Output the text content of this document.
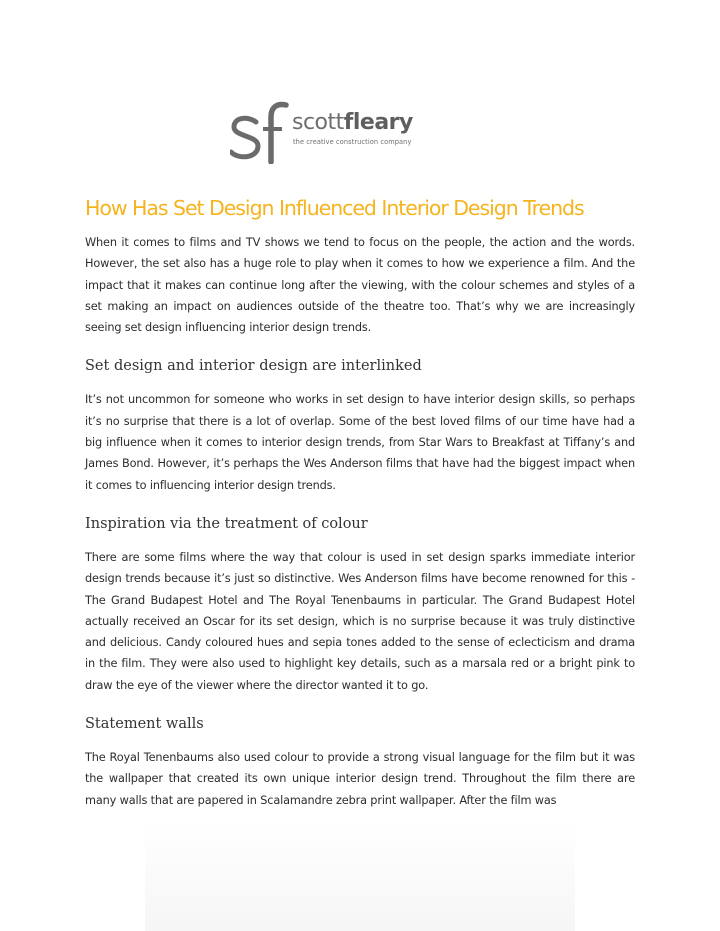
scottfleary
the creative construction company
How Has Set Design Influenced Interior Design Trends

When it comes to films and TV shows we tend to focus on the people, the action and the words. However, the set also has a huge role to play when it comes to how we experience a film. And the impact that it makes can continue long after the viewing, with the colour schemes and styles of a set making an impact on audiences outside of the theatre too. That’s why we are increasingly seeing set design influencing interior design trends.

Set design and interior design are interlinked

It’s not uncommon for someone who works in set design to have interior design skills, so perhaps it’s no surprise that there is a lot of overlap. Some of the best loved films of our time have had a big influence when it comes to interior design trends, from Star Wars to Breakfast at Tiffany’s and James Bond. However, it’s perhaps the Wes Anderson films that have had the biggest impact when it comes to influencing interior design trends.

Inspiration via the treatment of colour

There are some films where the way that colour is used in set design sparks immediate interior design trends because it’s just so distinctive. Wes Anderson films have become renowned for this - The Grand Budapest Hotel and The Royal Tenenbaums in particular. The Grand Budapest Hotel actually received an Oscar for its set design, which is no surprise because it was truly distinctive and delicious. Candy coloured hues and sepia tones added to the sense of eclecticism and drama in the film. They were also used to highlight key details, such as a marsala red or a bright pink to draw the eye of the viewer where the director wanted it to go.

Statement walls

The Royal Tenenbaums also used colour to provide a strong visual language for the film but it was the wallpaper that created its own unique interior design trend. Throughout the film there are many walls that are papered in Scalamandre zebra print wallpaper. After the film was
